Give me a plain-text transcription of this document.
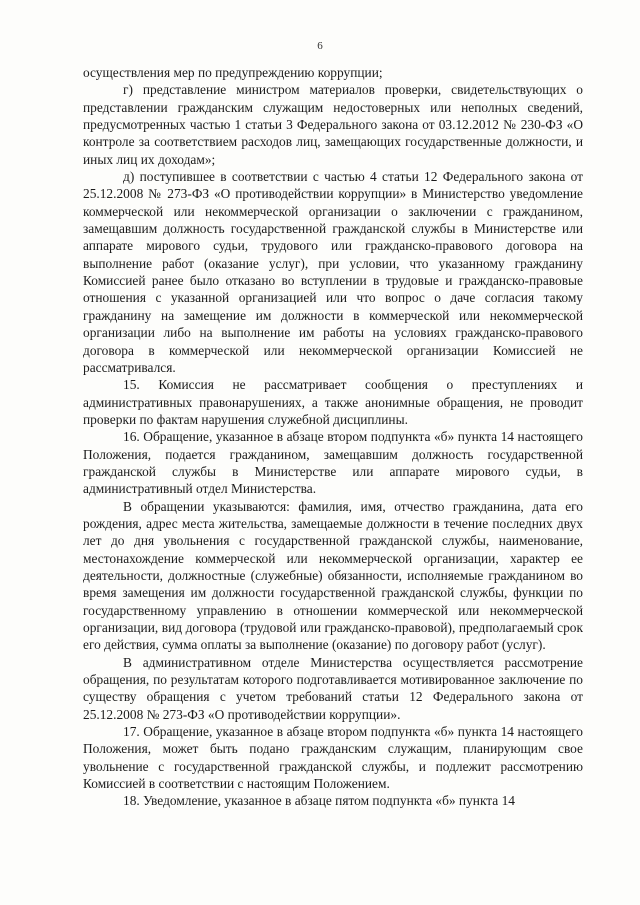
6

осуществления мер по предупреждению коррупции;

г) представление министром материалов проверки, свидетельствующих о представлении гражданским служащим недостоверных или неполных сведений, предусмотренных частью 1 статьи 3 Федерального закона от 03.12.2012 № 230-ФЗ «О контроле за соответствием расходов лиц, замещающих государственные должности, и иных лиц их доходам»;

д) поступившее в соответствии с частью 4 статьи 12 Федерального закона от 25.12.2008 № 273-ФЗ «О противодействии коррупции» в Министерство уведомление коммерческой или некоммерческой организации о заключении с гражданином, замещавшим должность государственной гражданской службы в Министерстве или аппарате мирового судьи, трудового или гражданско-правового договора на выполнение работ (оказание услуг), при условии, что указанному гражданину Комиссией ранее было отказано во вступлении в трудовые и гражданско-правовые отношения с указанной организацией или что вопрос о даче согласия такому гражданину на замещение им должности в коммерческой или некоммерческой организации либо на выполнение им работы на условиях гражданско-правового договора в коммерческой или некоммерческой организации Комиссией не рассматривался.

15. Комиссия не рассматривает сообщения о преступлениях и административных правонарушениях, а также анонимные обращения, не проводит проверки по фактам нарушения служебной дисциплины.

16. Обращение, указанное в абзаце втором подпункта «б» пункта 14 настоящего Положения, подается гражданином, замещавшим должность государственной гражданской службы в Министерстве или аппарате мирового судьи, в административный отдел Министерства.

В обращении указываются: фамилия, имя, отчество гражданина, дата его рождения, адрес места жительства, замещаемые должности в течение последних двух лет до дня увольнения с государственной гражданской службы, наименование, местонахождение коммерческой или некоммерческой организации, характер ее деятельности, должностные (служебные) обязанности, исполняемые гражданином во время замещения им должности государственной гражданской службы, функции по государственному управлению в отношении коммерческой или некоммерческой организации, вид договора (трудовой или гражданско-правовой), предполагаемый срок его действия, сумма оплаты за выполнение (оказание) по договору работ (услуг).

В административном отделе Министерства осуществляется рассмотрение обращения, по результатам которого подготавливается мотивированное заключение по существу обращения с учетом требований статьи 12 Федерального закона от 25.12.2008 № 273-ФЗ «О противодействии коррупции».

17. Обращение, указанное в абзаце втором подпункта «б» пункта 14 настоящего Положения, может быть подано гражданским служащим, планирующим свое увольнение с государственной гражданской службы, и подлежит рассмотрению Комиссией в соответствии с настоящим Положением.

18. Уведомление, указанное в абзаце пятом подпункта «б» пункта 14
